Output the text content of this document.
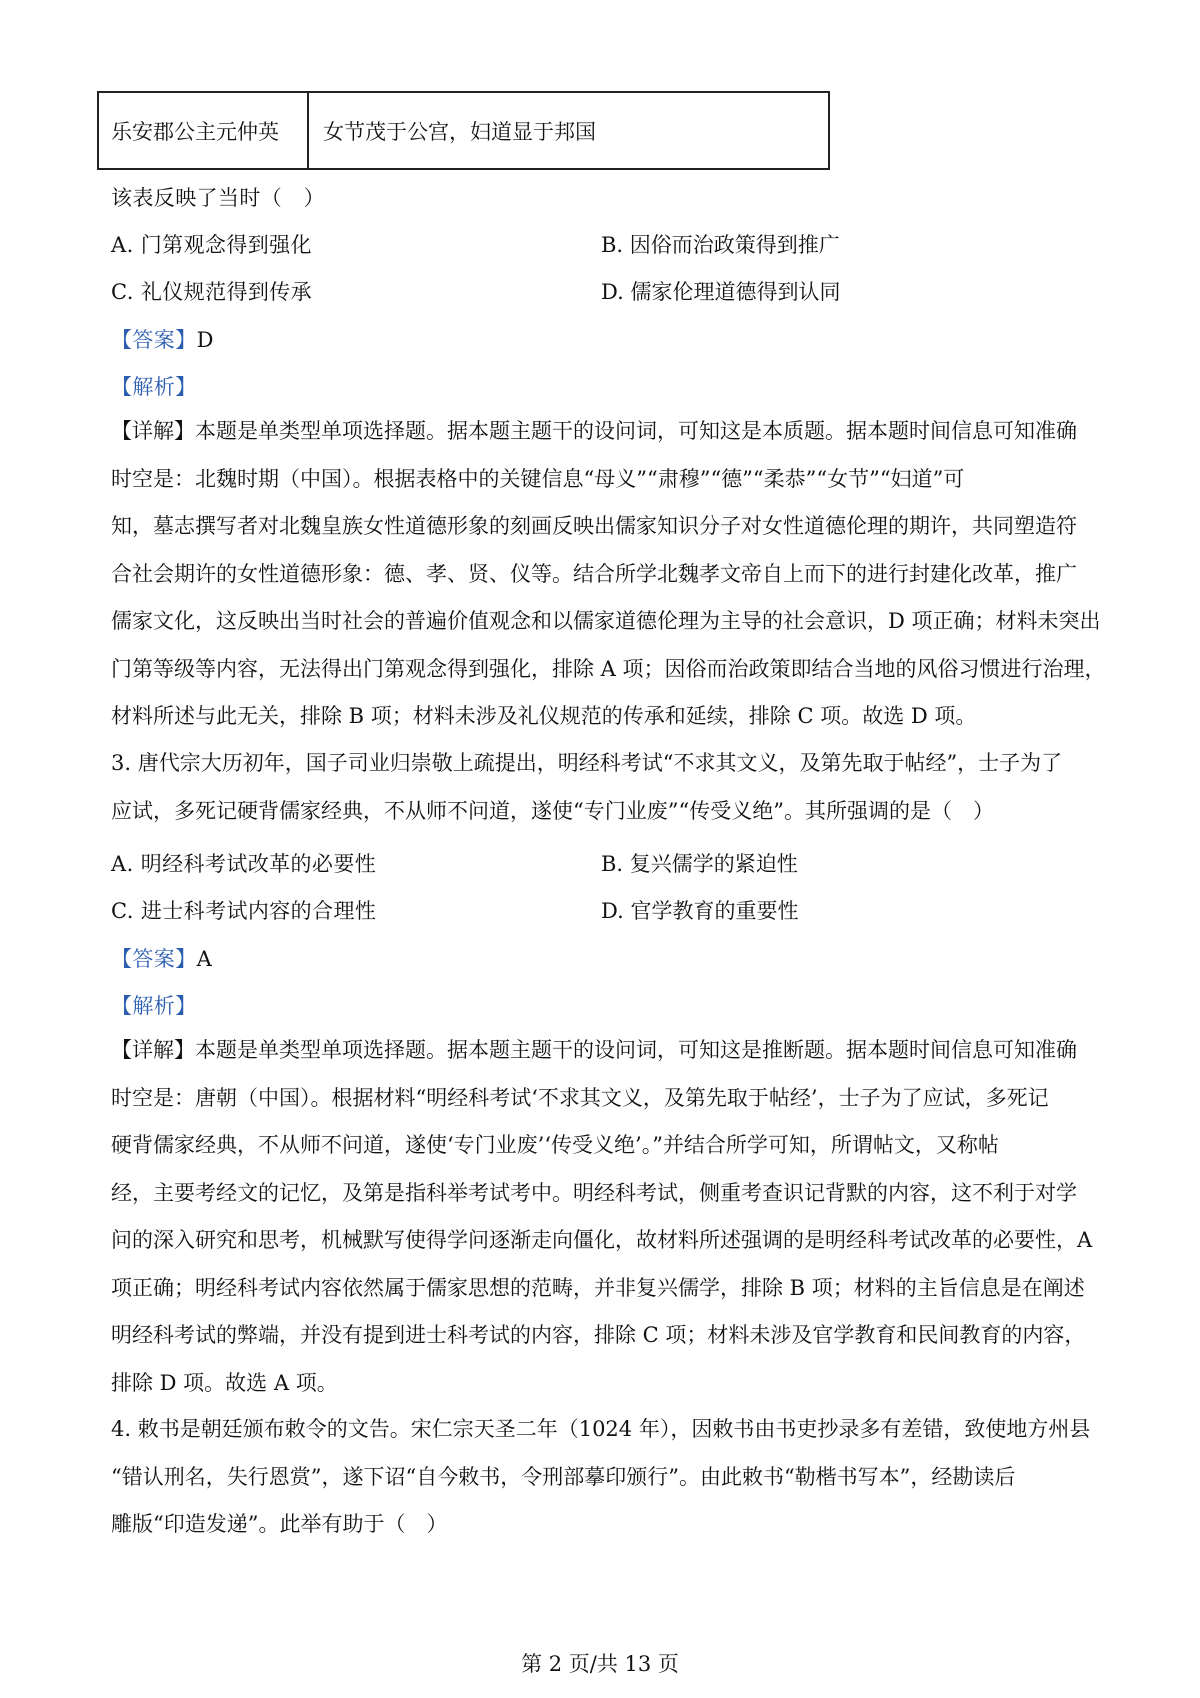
乐安郡公主元仲英	女节茂于公宫，妇道显于邦国
该表反映了当时（　）
A. 门第观念得到强化	B. 因俗而治政策得到推广
C. 礼仪规范得到传承	D. 儒家伦理道德得到认同
【答案】D
【解析】
【详解】本题是单类型单项选择题。据本题主题干的设问词，可知这是本质题。据本题时间信息可知准确
时空是：北魏时期（中国）。根据表格中的关键信息“母义”“肃穆”“德”“柔恭”“女节”“妇道”可
知，墓志撰写者对北魏皇族女性道德形象的刻画反映出儒家知识分子对女性道德伦理的期许，共同塑造符
合社会期许的女性道德形象：德、孝、贤、仪等。结合所学北魏孝文帝自上而下的进行封建化改革，推广
儒家文化，这反映出当时社会的普遍价值观念和以儒家道德伦理为主导的社会意识，D 项正确；材料未突出
门第等级等内容，无法得出门第观念得到强化，排除 A 项；因俗而治政策即结合当地的风俗习惯进行治理，
材料所述与此无关，排除 B 项；材料未涉及礼仪规范的传承和延续，排除 C 项。故选 D 项。
3. 唐代宗大历初年，国子司业归崇敬上疏提出，明经科考试“不求其文义，及第先取于帖经”，士子为了
应试，多死记硬背儒家经典，不从师不问道，遂使“专门业废”“传受义绝”。其所强调的是（　）
A. 明经科考试改革的必要性	B. 复兴儒学的紧迫性
C. 进士科考试内容的合理性	D. 官学教育的重要性
【答案】A
【解析】
【详解】本题是单类型单项选择题。据本题主题干的设问词，可知这是推断题。据本题时间信息可知准确
时空是：唐朝（中国）。根据材料“明经科考试‘不求其文义，及第先取于帖经’，士子为了应试，多死记
硬背儒家经典，不从师不问道，遂使‘专门业废’‘传受义绝’。”并结合所学可知，所谓帖文，又称帖
经，主要考经文的记忆，及第是指科举考试考中。明经科考试，侧重考查识记背默的内容，这不利于对学
问的深入研究和思考，机械默写使得学问逐渐走向僵化，故材料所述强调的是明经科考试改革的必要性，A
项正确；明经科考试内容依然属于儒家思想的范畴，并非复兴儒学，排除 B 项；材料的主旨信息是在阐述
明经科考试的弊端，并没有提到进士科考试的内容，排除 C 项；材料未涉及官学教育和民间教育的内容，
排除 D 项。故选 A 项。
4. 敕书是朝廷颁布敕令的文告。宋仁宗天圣二年（1024 年），因敕书由书吏抄录多有差错，致使地方州县
“错认刑名，失行恩赏”，遂下诏“自今敕书，令刑部摹印颁行”。由此敕书“勒楷书写本”，经勘读后
雕版“印造发递”。此举有助于（　）
第 2 页/共 13 页
